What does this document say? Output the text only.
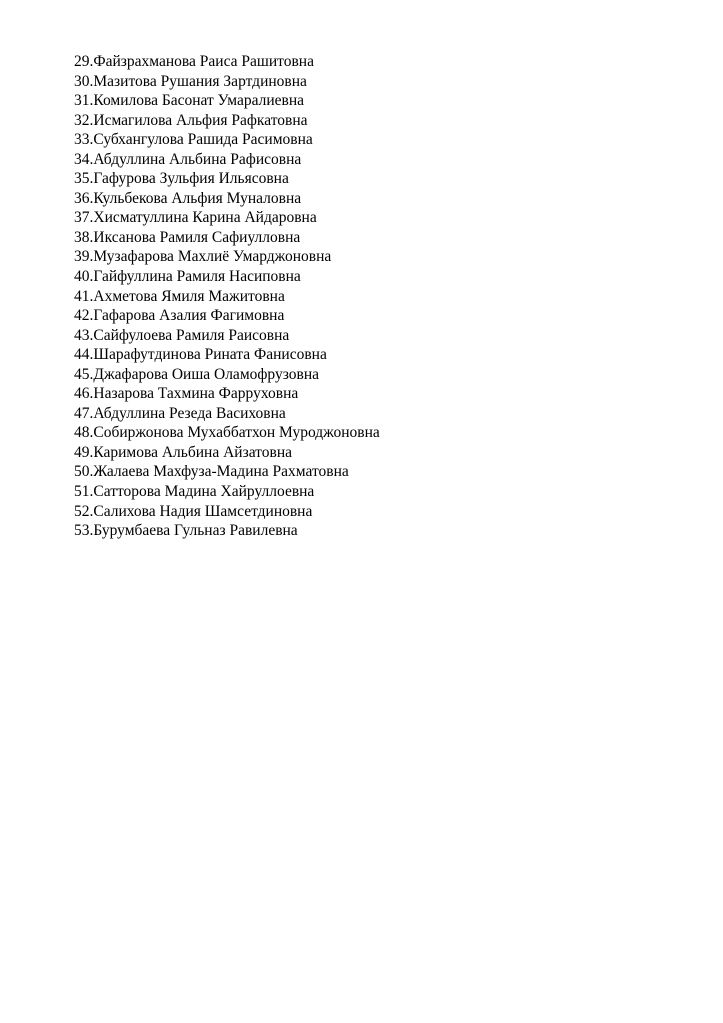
29.Файзрахманова Раиса Рашитовна
30.Мазитова Рушания Зартдиновна
31.Комилова Басонат Умаралиевна
32.Исмагилова Альфия Рафкатовна
33.Субхангулова Рашида Расимовна
34.Абдуллина Альбина Рафисовна
35.Гафурова Зульфия Ильясовна
36.Кульбекова Альфия Муналовна
37.Хисматуллина Карина Айдаровна
38.Иксанова Рамиля Сафиулловна
39.Музафарова Махлиё Умарджоновна
40.Гайфуллина Рамиля Насиповна
41.Ахметова Ямиля Мажитовна
42.Гафарова Азалия Фагимовна
43.Сайфулоева Рамиля Раисовна
44.Шарафутдинова Рината Фанисовна
45.Джафарова Оиша Оламофрузовна
46.Назарова Тахмина Фарруховна
47.Абдуллина Резеда Васиховна
48.Собиржонова Мухаббатхон Муроджоновна
49.Каримова Альбина Айзатовна
50.Жалаева Махфуза-Мадина Рахматовна
51.Сатторова Мадина Хайруллоевна
52.Салихова Надия Шамсетдиновна
53.Бурумбаева Гульназ Равилевна
